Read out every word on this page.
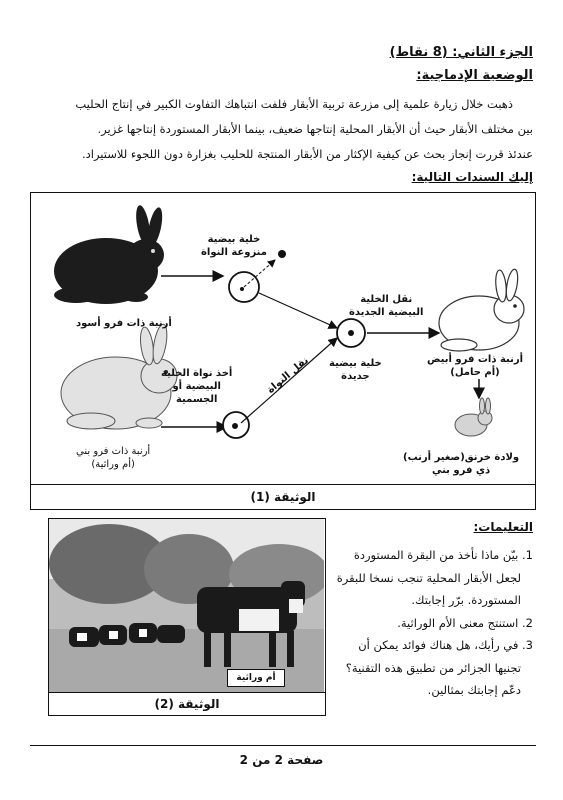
الجزء الثاني: (8 نقاط)
الوضعية الإدماجية:

ذهبت خلال زيارة علمية إلى مزرعة تربية الأبقار فلفت انتباهك التفاوت الكبير في إنتاج الحليب

بين مختلف الأبقار حيث أن الأبقار المحلية إنتاجها ضعيف، بينما الأبقار المستوردة إنتاجها غزير.

عندئذ قررت إنجاز بحث عن كيفية الإكثار من الأبقار المنتجة للحليب بغزارة دون اللجوء للاستيراد.

إليك السندات التالية:
خلية بيضية
منزوعة النواة
أرنبة ذات فرو أسود
أخذ نواة الخلية
البيضية أو
الجسمية
أرنبة ذات فرو بني
(أم وراثية)
نقل النواة	خلية بيضية
جديدة
نقل الخلية
البيضية الجديدة
أرنبة ذات فرو أبيض
(أم حامل)
ولادة خرنق(صغير أرنب)
ذي فرو بني
الوثيقة (1)
أم وراثية
الوثيقة (2)
التعليمات:
1. بيّن ماذا نأخذ من البقرة المستوردة
لجعل الأبقار المحلية تنجب نسخا للبقرة
المستوردة. برّر إجابتك.
2. استنتج معنى الأم الوراثية.
3. في رأيك، هل هناك فوائد يمكن أن
تجنيها الجزائر من تطبيق هذه التقنية؟
دعّم إجابتك بمثالين.
صفحة 2 من 2
